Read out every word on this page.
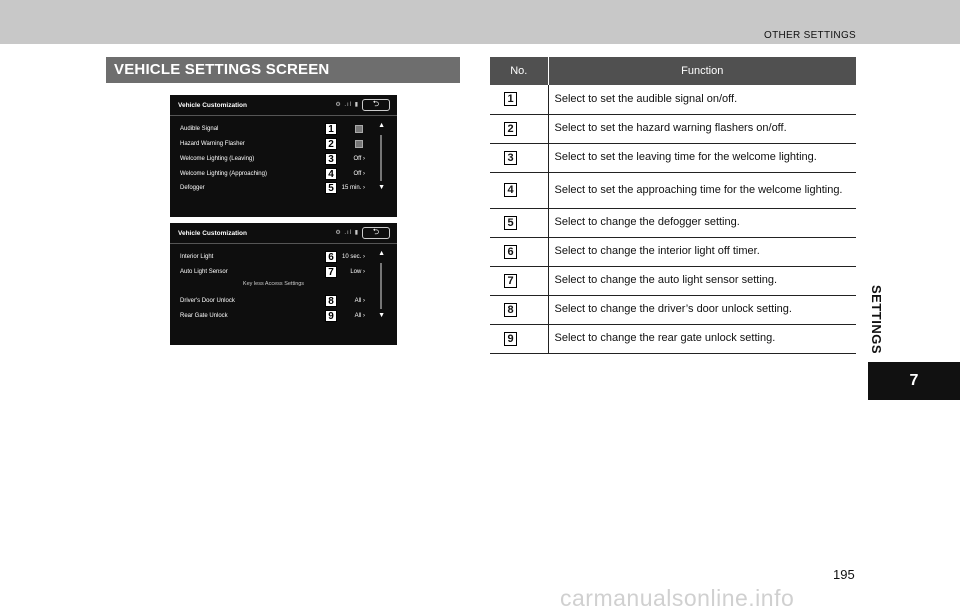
OTHER SETTINGS
SETTINGS
7
VEHICLE SETTINGS SCREEN
Vehicle Customization	⚙ .ıl ▮	⮌
Audible Signal	1
Hazard Warning Flasher	2
Welcome Lighting (Leaving)	Off ›
3
Welcome Lighting (Approaching)	Off ›
4
Defogger	15 min. ›
5
▲
▼
Vehicle Customization	⚙ .ıl ▮	⮌
Interior Light	10 sec. ›
6
Auto Light Sensor	Low ›
7
Key less Access Settings
Driver's Door Unlock	All ›
8
Rear Gate Unlock	All ›
9
▲
▼
No.	Function
1	Select to set the audible signal on/off.
2	Select to set the hazard warning flashers on/off.
3	Select to set the leaving time for the welcome lighting.
4	Select to set the approaching time for the welcome lighting.
5	Select to change the defogger setting.
6	Select to change the interior light off timer.
7	Select to change the auto light sensor setting.
8	Select to change the driver’s door unlock setting.
9	Select to change the rear gate unlock setting.
195
carmanualsonline.info
